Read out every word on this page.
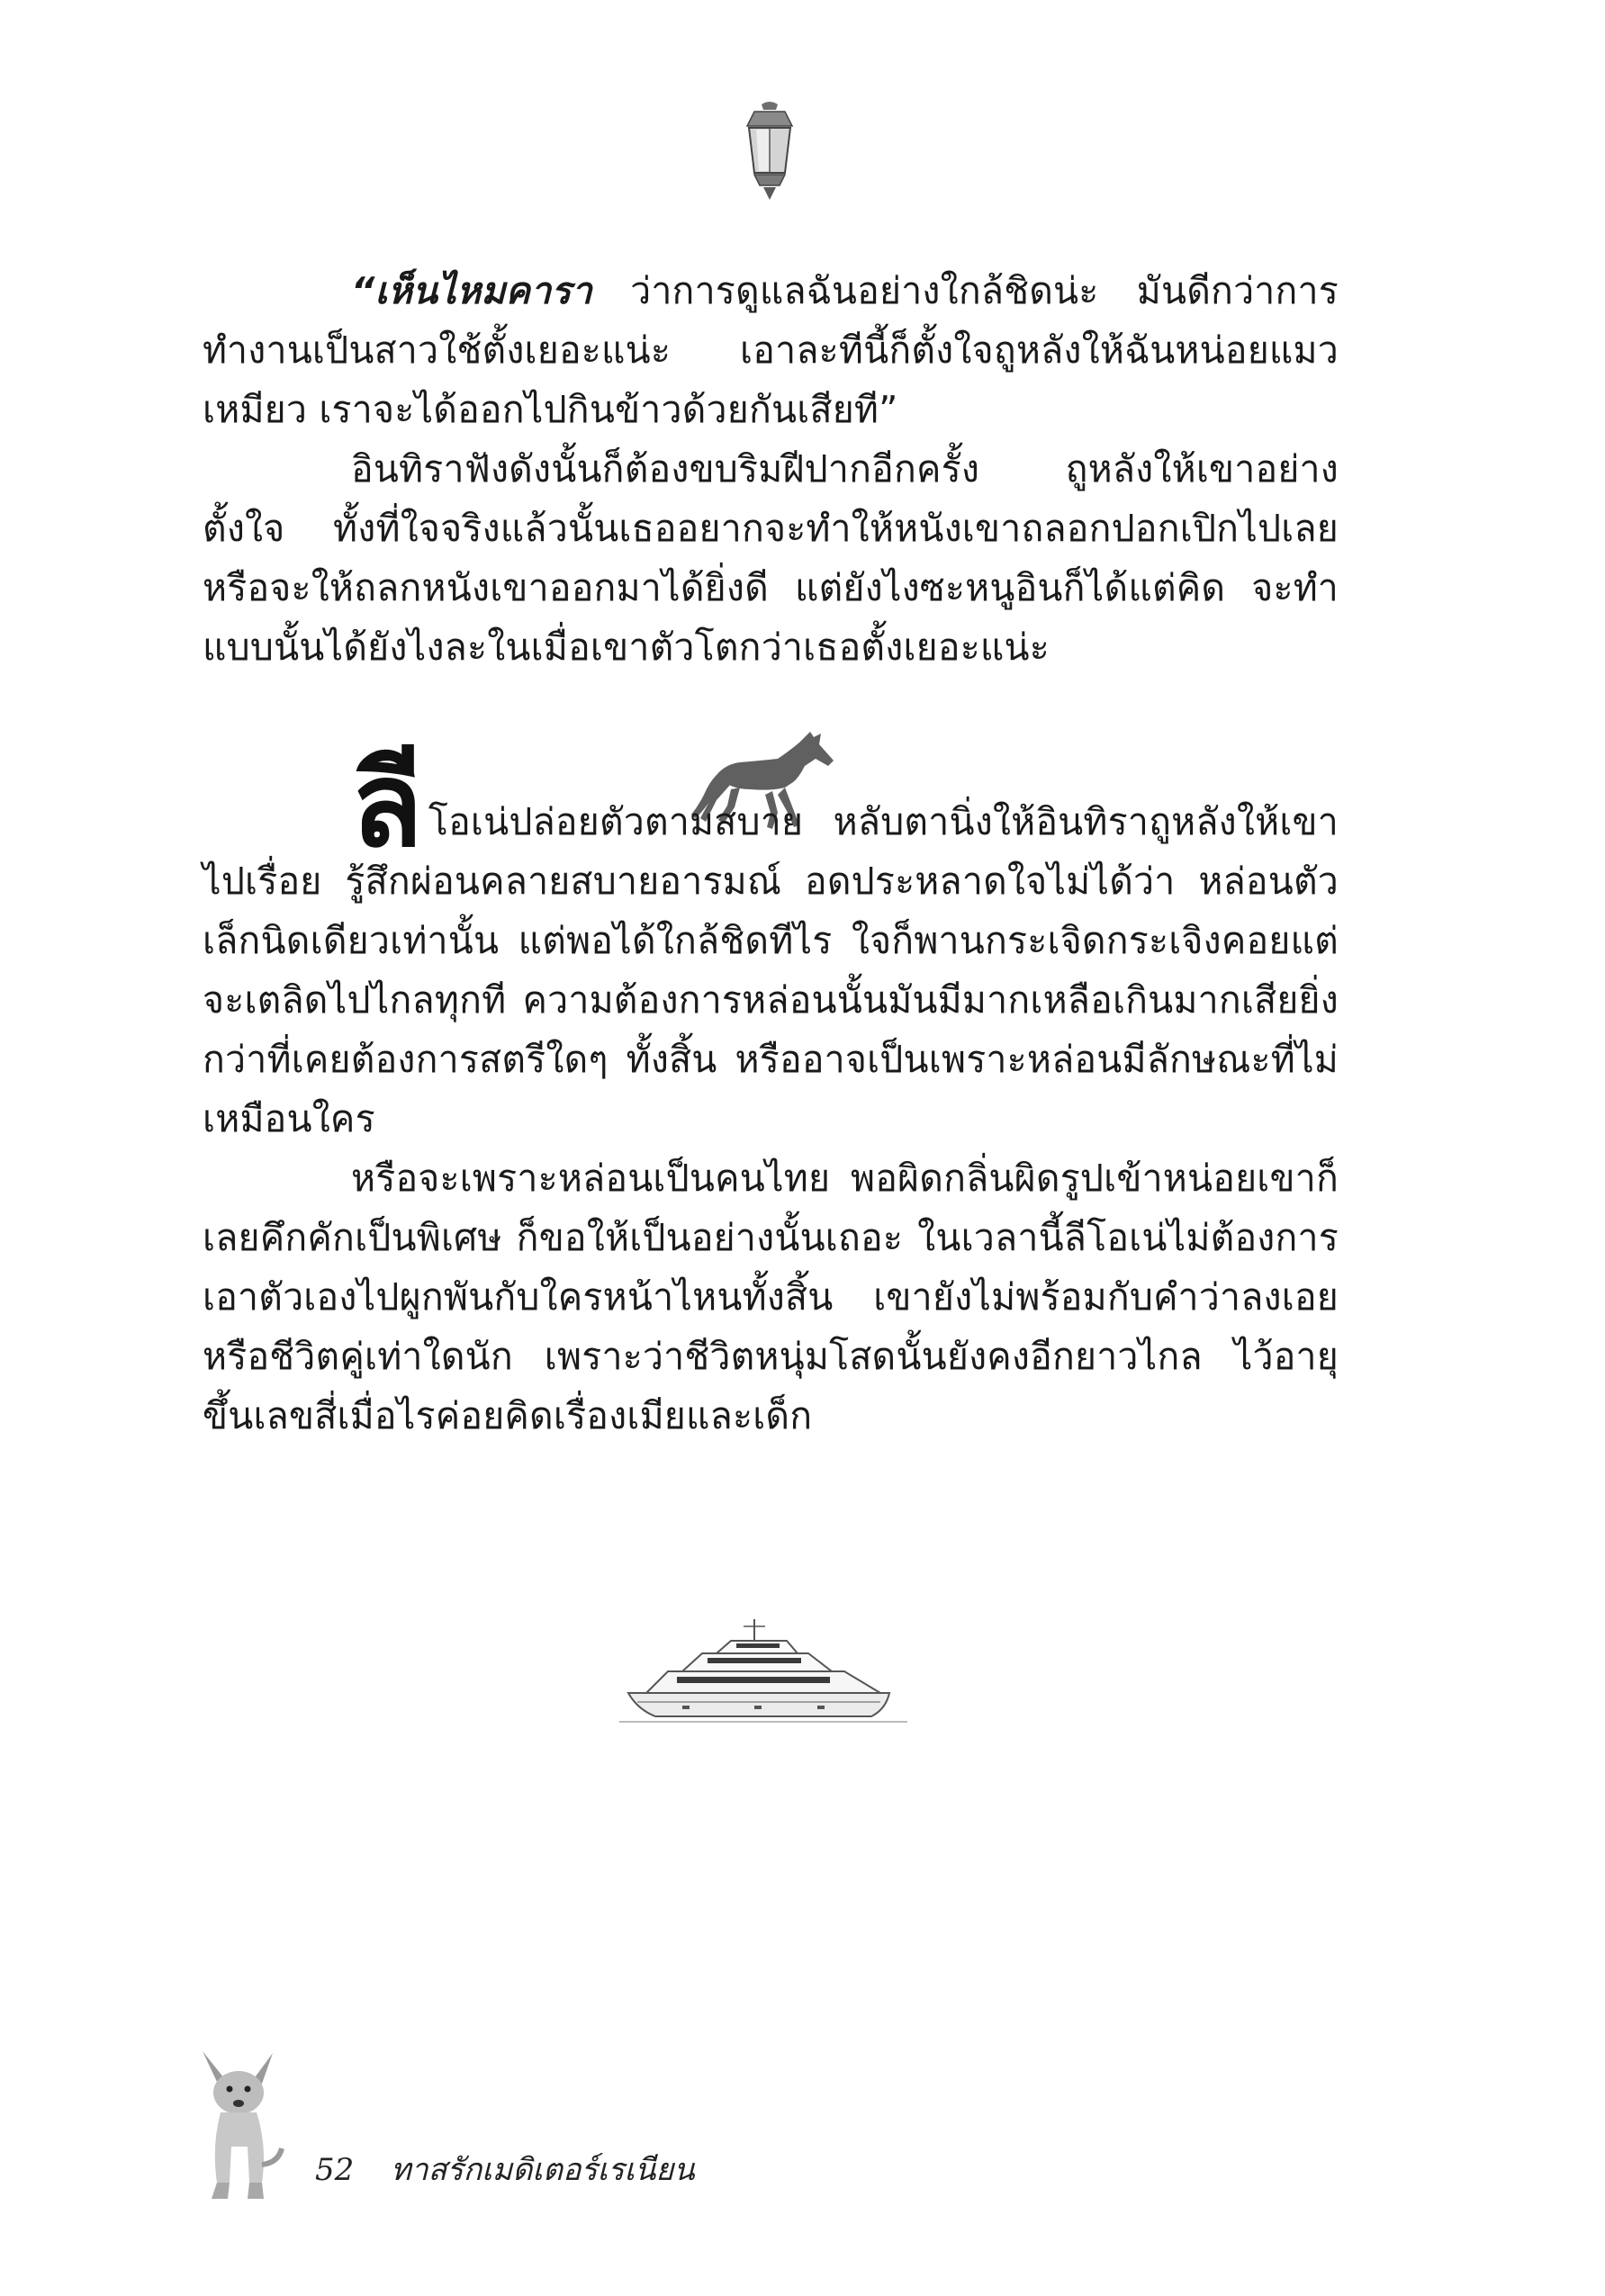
“เห็นไหมคารา ว่าการดูแลฉันอย่างใกล้ชิดน่ะ มันดีกว่าการทำงานเป็นสาวใช้ตั้งเยอะแน่ะ เอาละทีนี้ก็ตั้งใจถูหลังให้ฉันหน่อยแมวเหมียว เราจะได้ออกไปกินข้าวด้วยกันเสียที”

อินทิราฟังดังนั้นก็ต้องขบริมฝีปากอีกครั้ง ถูหลังให้เขาอย่างตั้งใจ ทั้งที่ใจจริงแล้วนั้นเธออยากจะทำให้หนังเขาถลอกปอกเปิกไปเลย หรือจะให้ถลกหนังเขาออกมาได้ยิ่งดี แต่ยังไงซะหนูอินก็ได้แต่คิด จะทำแบบนั้นได้ยังไงละในเมื่อเขาตัวโตกว่าเธอตั้งเยอะแน่ะ

ลีโอเน่ปล่อยตัวตามสบาย หลับตานิ่งให้อินทิราถูหลังให้เขาไปเรื่อย รู้สึกผ่อนคลายสบายอารมณ์ อดประหลาดใจไม่ได้ว่า หล่อนตัวเล็กนิดเดียวเท่านั้น แต่พอได้ใกล้ชิดทีไร ใจก็พานกระเจิดกระเจิงคอยแต่จะเตลิดไปไกลทุกที ความต้องการหล่อนนั้นมันมีมากเหลือเกินมากเสียยิ่งกว่าที่เคยต้องการสตรีใดๆ ทั้งสิ้น หรืออาจเป็นเพราะหล่อนมีลักษณะที่ไม่เหมือนใคร

หรือจะเพราะหล่อนเป็นคนไทย พอผิดกลิ่นผิดรูปเข้าหน่อยเขาก็เลยคึกคักเป็นพิเศษ ก็ขอให้เป็นอย่างนั้นเถอะ ในเวลานี้ลีโอเน่ไม่ต้องการเอาตัวเองไปผูกพันกับใครหน้าไหนทั้งสิ้น เขายังไม่พร้อมกับคำว่าลงเอย หรือชีวิตคู่เท่าใดนัก เพราะว่าชีวิตหนุ่มโสดนั้นยังคงอีกยาวไกล ไว้อายุขึ้นเลขสี่เมื่อไรค่อยคิดเรื่องเมียและเด็ก

52 ทาสรักเมดิเตอร์เรเนียน
